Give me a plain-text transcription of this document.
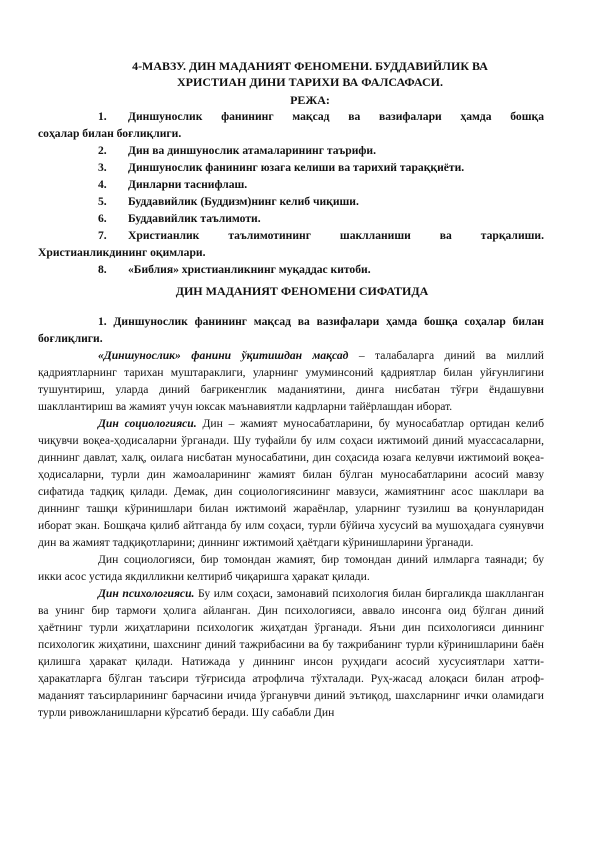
4-МАВЗУ. ДИН МАДАНИЯТ ФЕНОМЕНИ. БУДДАВИЙЛИК ВА
ХРИСТИАН ДИНИ ТАРИХИ ВА ФАЛСАФАСИ.
РЕЖА:
1.	Диншунослик фанининг мақсад ва вазифалари ҳамда бошқа
соҳалар билан боғлиқлиги.
2.	Дин ва диншунослик атамаларининг таърифи.
3.	Диншунослик фанининг юзага келиши ва тарихий тараққиёти.
4.	Динларни таснифлаш.
5.	Буддавийлик (Буддизм)нинг келиб чиқиши.
6.	Буддавийлик таълимоти.
7.	Христианлик таълимотининг шаклланиши ва тарқалиши.
Христианликдининг оқимлари.
8.	«Библия» христианликнинг муқаддас китоби.
ДИН МАДАНИЯТ ФЕНОМЕНИ СИФАТИДА

1. Диншунослик фанининг мақсад ва вазифалари ҳамда бошқа соҳалар билан боғлиқлиги.

«Диншунослик» фанини ўқитишдан мақсад – талабаларга диний ва миллий қадриятларнинг тарихан муштараклиги, уларнинг умуминсоний қадриятлар билан уйғунлигини тушунтириш, уларда диний бағрикенглик маданиятини, динга нисбатан тўғри ёндашувни шакллантириш ва жамият учун юксак маънавиятли кадрларни тайёрлашдан иборат.

Дин социологияси. Дин – жамият муносабатларини, бу муносабатлар ортидан келиб чиқувчи воқеа-ҳодисаларни ўрганади. Шу туфайли бу илм соҳаси ижтимоий диний муассасаларни, диннинг давлат, халқ, оилага нисбатан муносабатини, дин соҳасида юзага келувчи ижтимоий воқеа-ҳодисаларни, турли дин жамоаларининг жамият билан бўлган муносабатларини асосий мавзу сифатида тадқиқ қилади. Демак, дин социологиясининг мавзуси, жамиятнинг асос шакллари ва диннинг ташқи кўринишлари билан ижтимоий жараёнлар, уларнинг тузилиш ва қонунларидан иборат экан. Бошқача қилиб айтганда бу илм соҳаси, турли бўйича хусусий ва мушоҳадага суянувчи дин ва жамият тадқиқотларини; диннинг ижтимоий ҳаётдаги кўринишларини ўрганади.

Дин социологияси, бир томондан жамият, бир томондан диний илмларга таянади; бу икки асос устида якдилликни келтириб чиқаришга ҳаракат қилади.

Дин психологияси. Бу илм соҳаси, замонавий психология билан биргаликда шаклланган ва унинг бир тармоғи ҳолига айланган. Дин психологияси, аввало инсонга оид бўлган диний ҳаётнинг турли жиҳатларини психологик жиҳатдан ўрганади. Яъни дин психологияси диннинг психологик жиҳатини, шахснинг диний тажрибасини ва бу тажрибанинг турли кўринишларини баён қилишга ҳаракат қилади. Натижада у диннинг инсон руҳидаги асосий хусусиятлари хатти-ҳаракатларга бўлган таъсири тўғрисида атрофлича тўхталади. Руҳ-жасад алоқаси билан атроф-маданият таъсирларининг барчасини ичида ўрганувчи диний эътиқод, шахсларнинг ички оламидаги турли ривожланишларни кўрсатиб беради. Шу сабабли Дин
